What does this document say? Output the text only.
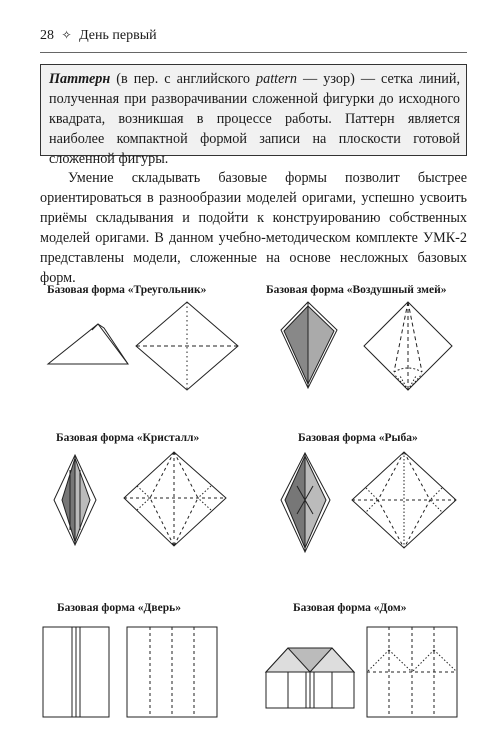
28 ✧ День первый
Паттерн (в пер. с английского pattern — узор) — сетка линий, полученная при разворачивании сложенной фигурки до исходного квадрата, возникшая в процессе работы. Паттерн является наиболее компактной формой записи на плоскости готовой сложенной фигуры.

Умение складывать базовые формы позволит быстрее ориентироваться в разнообразии моделей оригами, успешно усвоить приёмы складывания и подойти к конструированию собственных моделей оригами. В данном учебно-методическом комплекте УМК-2 представлены модели, сложенные на основе несложных базовых форм.

Базовая форма «Треугольник»	Базовая форма «Воздушный змей»
Базовая форма «Кристалл»	Базовая форма «Рыба»
Базовая форма «Дверь»	Базовая форма «Дом»
